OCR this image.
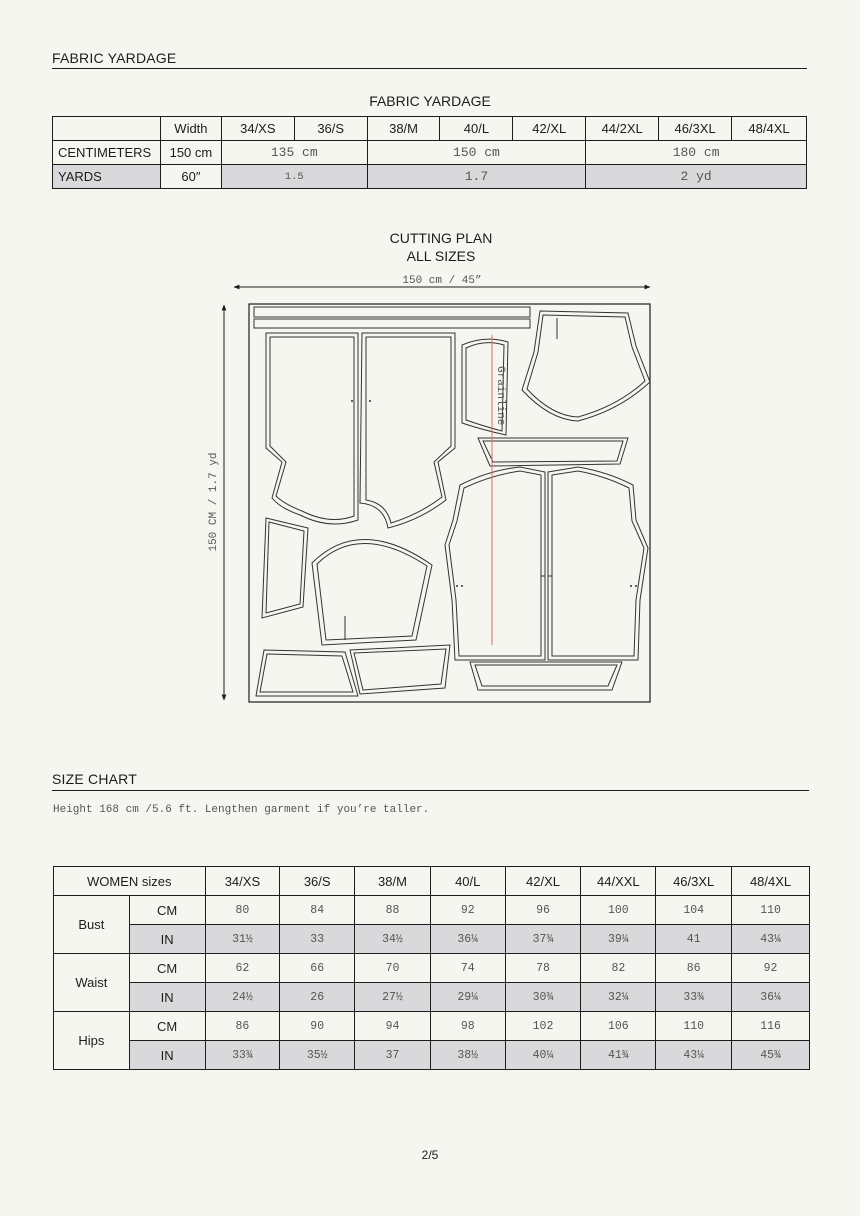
FABRIC YARDAGE
FABRIC YARDAGE
	Width	34/XS	36/S	38/M	40/L	42/XL	44/2XL	46/3XL	48/4XL
CENTIMETERS	150 cm	135 cm		150 cm			180 cm		
YARDS	60″	1.5		1.7			2 yd		
CUTTING PLAN
ALL SIZES
150 cm / 45”
150 CM / 1.7 yd
Grainline
SIZE CHART
Height 168 cm /5.6 ft. Lengthen garment if you’re taller.
WOMEN sizes		34/XS	36/S	38/M	40/L	42/XL	44/XXL	46/3XL	48/4XL
Bust	CM	80	84	88	92	96	100	104	110
	IN	31½	33	34½	36¼	37¾	39¼	41	43¼
Waist	CM	62	66	70	74	78	82	86	92
	IN	24½	26	27½	29¼	30¾	32¼	33¾	36¼
Hips	CM	86	90	94	98	102	106	110	116
	IN	33¾	35½	37	38½	40¼	41¾	43¼	45¾
2/5
